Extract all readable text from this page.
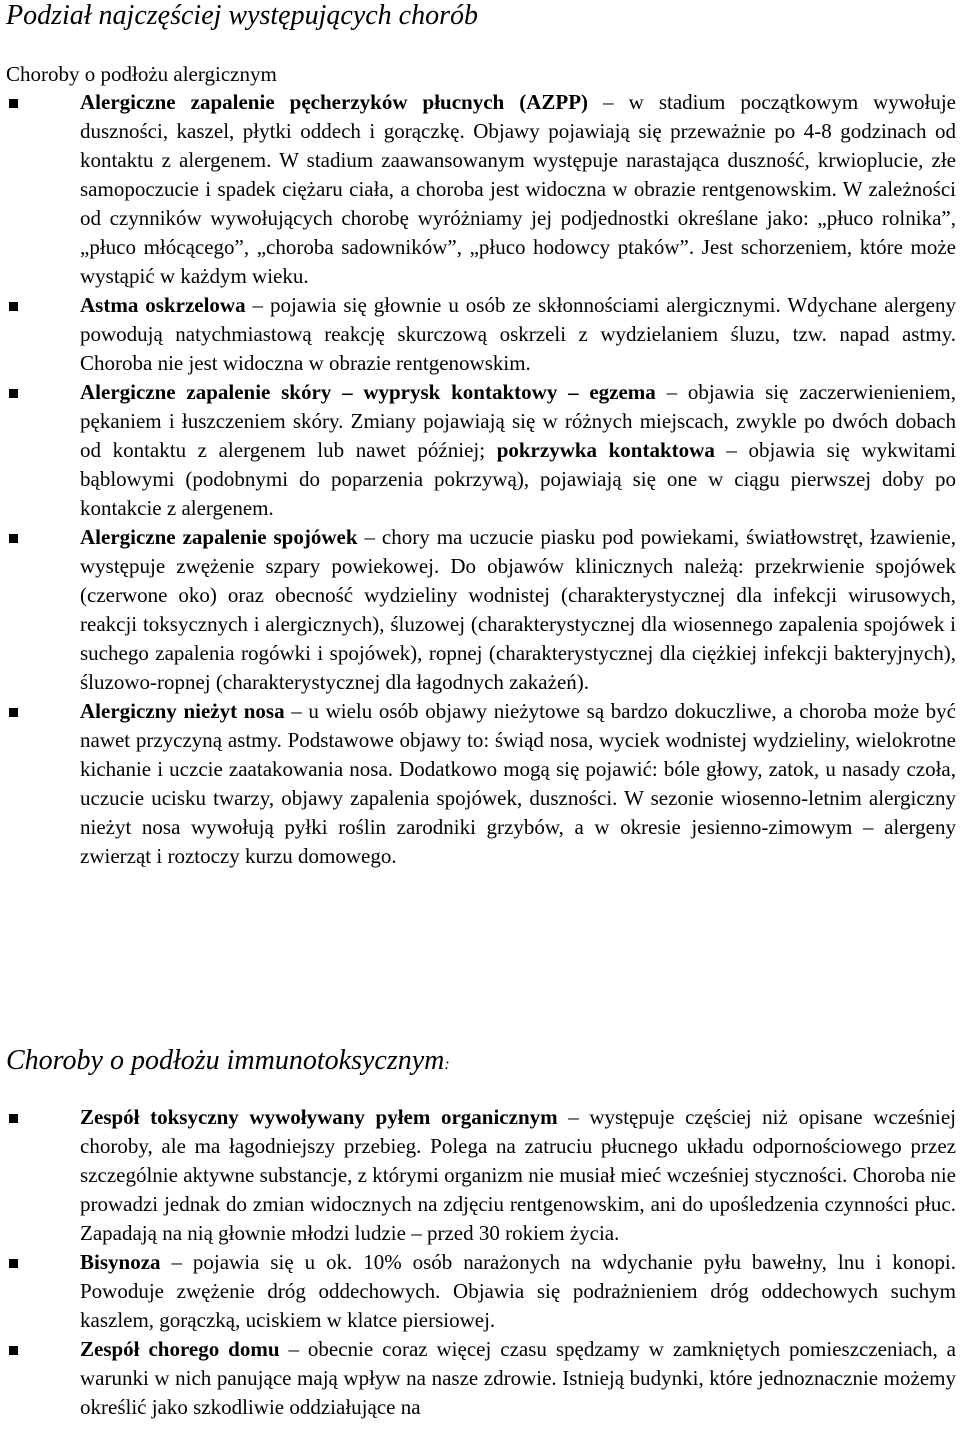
Podział najczęściej występujących chorób
Choroby o podłożu alergicznym

Alergiczne zapalenie pęcherzyków płucnych (AZPP) – w stadium początkowym wywołuje duszności, kaszel, płytki oddech i gorączkę. Objawy pojawiają się przeważnie po 4-8 godzinach od kontaktu z alergenem. W stadium zaawansowanym występuje narastająca duszność, krwioplucie, złe samopoczucie i spadek ciężaru ciała, a choroba jest widoczna w obrazie rentgenowskim. W zależności od czynników wywołujących chorobę wyróżniamy jej podjednostki określane jako: „płuco rolnika”, „płuco młócącego”, „choroba sadowników”, „płuco hodowcy ptaków”. Jest schorzeniem, które może wystąpić w każdym wieku.

Astma oskrzelowa – pojawia się głownie u osób ze skłonnościami alergicznymi. Wdychane alergeny powodują natychmiastową reakcję skurczową oskrzeli z wydzielaniem śluzu, tzw. napad astmy. Choroba nie jest widoczna w obrazie rentgenowskim.

Alergiczne zapalenie skóry – wyprysk kontaktowy – egzema – objawia się zaczerwienieniem, pękaniem i łuszczeniem skóry. Zmiany pojawiają się w różnych miejscach, zwykle po dwóch dobach od kontaktu z alergenem lub nawet później; pokrzywka kontaktowa – objawia się wykwitami bąblowymi (podobnymi do poparzenia pokrzywą), pojawiają się one w ciągu pierwszej doby po kontakcie z alergenem.

Alergiczne zapalenie spojówek – chory ma uczucie piasku pod powiekami, światłowstręt, łzawienie, występuje zwężenie szpary powiekowej. Do objawów klinicznych należą: przekrwienie spojówek (czerwone oko) oraz obecność wydzieliny wodnistej (charakterystycznej dla infekcji wirusowych, reakcji toksycznych i alergicznych), śluzowej (charakterystycznej dla wiosennego zapalenia spojówek i suchego zapalenia rogówki i spojówek), ropnej (charakterystycznej dla ciężkiej infekcji bakteryjnych), śluzowo-ropnej (charakterystycznej dla łagodnych zakażeń).

Alergiczny nieżyt nosa – u wielu osób objawy nieżytowe są bardzo dokuczliwe, a choroba może być nawet przyczyną astmy. Podstawowe objawy to: świąd nosa, wyciek wodnistej wydzieliny, wielokrotne kichanie i uczcie zaatakowania nosa. Dodatkowo mogą się pojawić: bóle głowy, zatok, u nasady czoła, uczucie ucisku twarzy, objawy zapalenia spojówek, duszności. W sezonie wiosenno-letnim alergiczny nieżyt nosa wywołują pyłki roślin zarodniki grzybów, a w okresie jesienno-zimowym – alergeny zwierząt i roztoczy kurzu domowego.

Choroby o podłożu immunotoksycznym:

Zespół toksyczny wywoływany pyłem organicznym – występuje częściej niż opisane wcześniej choroby, ale ma łagodniejszy przebieg. Polega na zatruciu płucnego układu odpornościowego przez szczególnie aktywne substancje, z którymi organizm nie musiał mieć wcześniej styczności. Choroba nie prowadzi jednak do zmian widocznych na zdjęciu rentgenowskim, ani do upośledzenia czynności płuc. Zapadają na nią głownie młodzi ludzie – przed 30 rokiem życia.

Bisynoza – pojawia się u ok. 10% osób narażonych na wdychanie pyłu bawełny, lnu i konopi. Powoduje zwężenie dróg oddechowych. Objawia się podrażnieniem dróg oddechowych suchym kaszlem, gorączką, uciskiem w klatce piersiowej.

Zespół chorego domu – obecnie coraz więcej czasu spędzamy w zamkniętych pomieszczeniach, a warunki w nich panujące mają wpływ na nasze zdrowie. Istnieją budynki, które jednoznacznie możemy określić jako szkodliwie oddziałujące na
